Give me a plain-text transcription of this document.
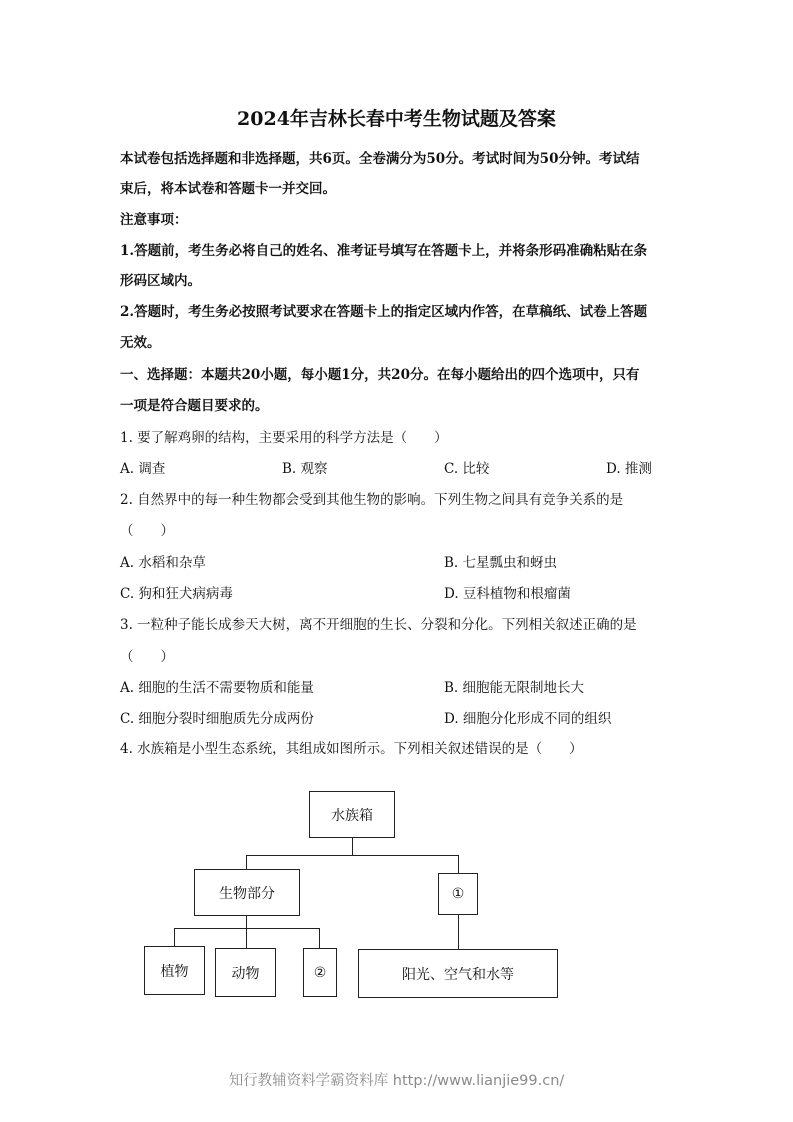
2024年吉林长春中考生物试题及答案
本试卷包括选择题和非选择题，共6页。全卷满分为50分。考试时间为50分钟。考试结
束后，将本试卷和答题卡一并交回。
注意事项：
1.答题前，考生务必将自己的姓名、准考证号填写在答题卡上，并将条形码准确粘贴在条
形码区域内。
2.答题时，考生务必按照考试要求在答题卡上的指定区域内作答，在草稿纸、试卷上答题
无效。
一、选择题：本题共20小题，每小题1分，共20分。在每小题给出的四个选项中，只有
一项是符合题目要求的。
1. 要了解鸡卵的结构，主要采用的科学方法是（　　）
A. 调查	B. 观察	C. 比较	D. 推测
2. 自然界中的每一种生物都会受到其他生物的影响。下列生物之间具有竞争关系的是
（　　）
A. 水稻和杂草	B. 七星瓢虫和蚜虫
C. 狗和狂犬病病毒	D. 豆科植物和根瘤菌
3. 一粒种子能长成参天大树，离不开细胞的生长、分裂和分化。下列相关叙述正确的是
（　　）
A. 细胞的生活不需要物质和能量	B. 细胞能无限制地长大
C. 细胞分裂时细胞质先分成两份	D. 细胞分化形成不同的组织
4. 水族箱是小型生态系统，其组成如图所示。下列相关叙述错误的是（　　）
水族箱
生物部分	①
植物	动物	②	阳光、空气和水等
知行教辅资料学霸资料库 http://www.lianjie99.cn/
